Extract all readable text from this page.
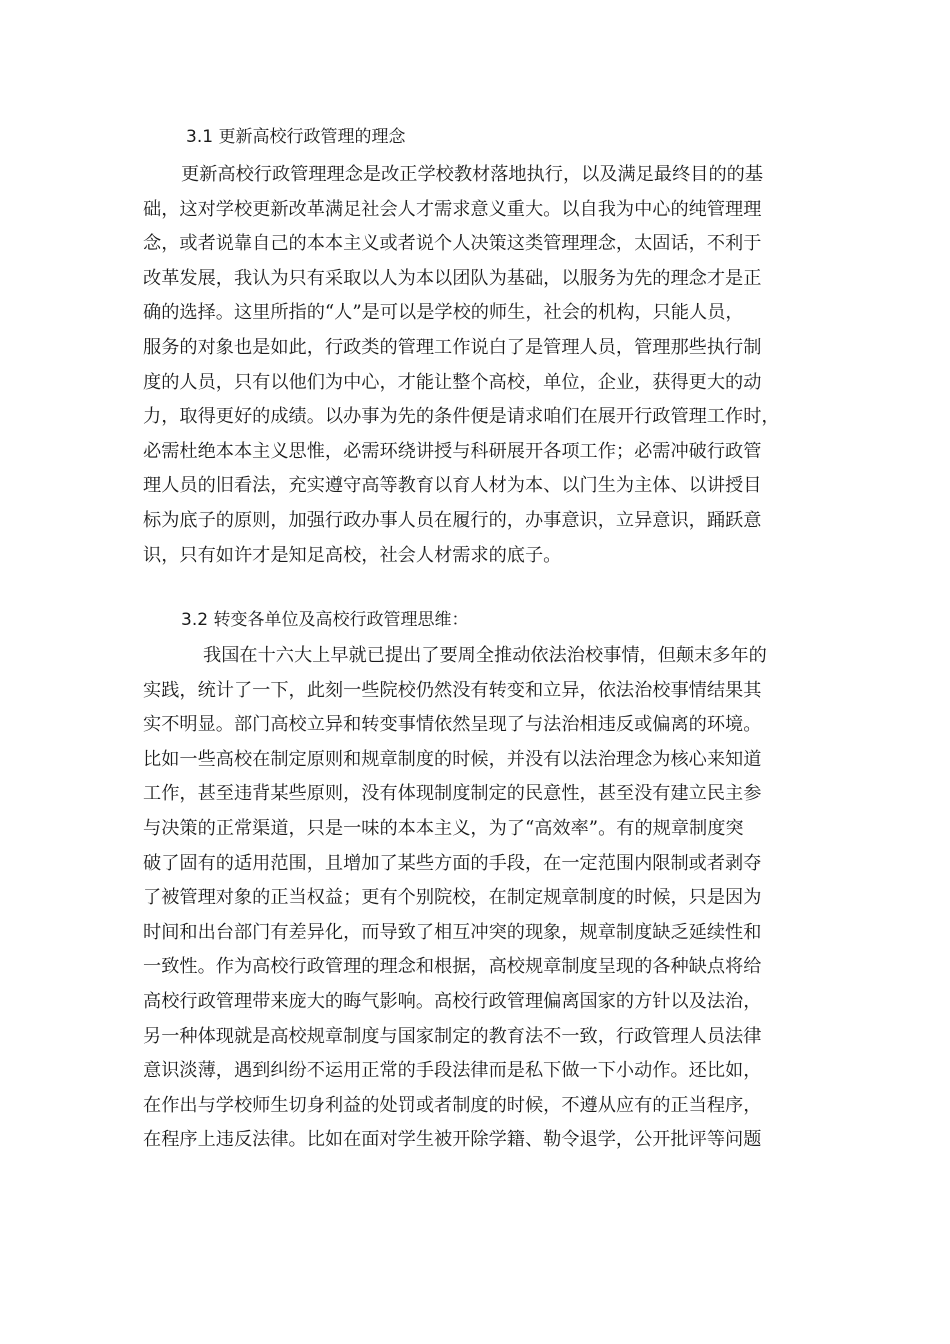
3.1 更新高校行政管理的理念
更新高校行政管理理念是改正学校教材落地执行，以及满足最终目的的基
础，这对学校更新改革满足社会人才需求意义重大。以自我为中心的纯管理理
念，或者说靠自己的本本主义或者说个人决策这类管理理念，太固话，不利于
改革发展，我认为只有采取以人为本以团队为基础，以服务为先的理念才是正
确的选择。这里所指的“人”是可以是学校的师生，社会的机构，只能人员，
服务的对象也是如此，行政类的管理工作说白了是管理人员，管理那些执行制
度的人员，只有以他们为中心，才能让整个高校，单位，企业，获得更大的动
力，取得更好的成绩。以办事为先的条件便是请求咱们在展开行政管理工作时，
必需杜绝本本主义思惟，必需环绕讲授与科研展开各项工作；必需冲破行政管
理人员的旧看法，充实遵守高等教育以育人材为本、以门生为主体、以讲授目
标为底子的原则，加强行政办事人员在履行的，办事意识，立异意识，踊跃意
识，只有如许才是知足高校，社会人材需求的底子。
3.2 转变各单位及高校行政管理思维：
我国在十六大上早就已提出了要周全推动依法治校事情，但颠末多年的
实践，统计了一下，此刻一些院校仍然没有转变和立异，依法治校事情结果其
实不明显。部门高校立异和转变事情依然呈现了与法治相违反或偏离的环境。
比如一些高校在制定原则和规章制度的时候，并没有以法治理念为核心来知道
工作，甚至违背某些原则，没有体现制度制定的民意性，甚至没有建立民主参
与决策的正常渠道，只是一味的本本主义，为了“高效率”。有的规章制度突
破了固有的适用范围，且增加了某些方面的手段，在一定范围内限制或者剥夺
了被管理对象的正当权益；更有个别院校，在制定规章制度的时候，只是因为
时间和出台部门有差异化，而导致了相互冲突的现象，规章制度缺乏延续性和
一致性。作为高校行政管理的理念和根据，高校规章制度呈现的各种缺点将给
高校行政管理带来庞大的晦气影响。高校行政管理偏离国家的方针以及法治，
另一种体现就是高校规章制度与国家制定的教育法不一致，行政管理人员法律
意识淡薄，遇到纠纷不运用正常的手段法律而是私下做一下小动作。还比如，
在作出与学校师生切身利益的处罚或者制度的时候，不遵从应有的正当程序，
在程序上违反法律。比如在面对学生被开除学籍、勒令退学，公开批评等问题
